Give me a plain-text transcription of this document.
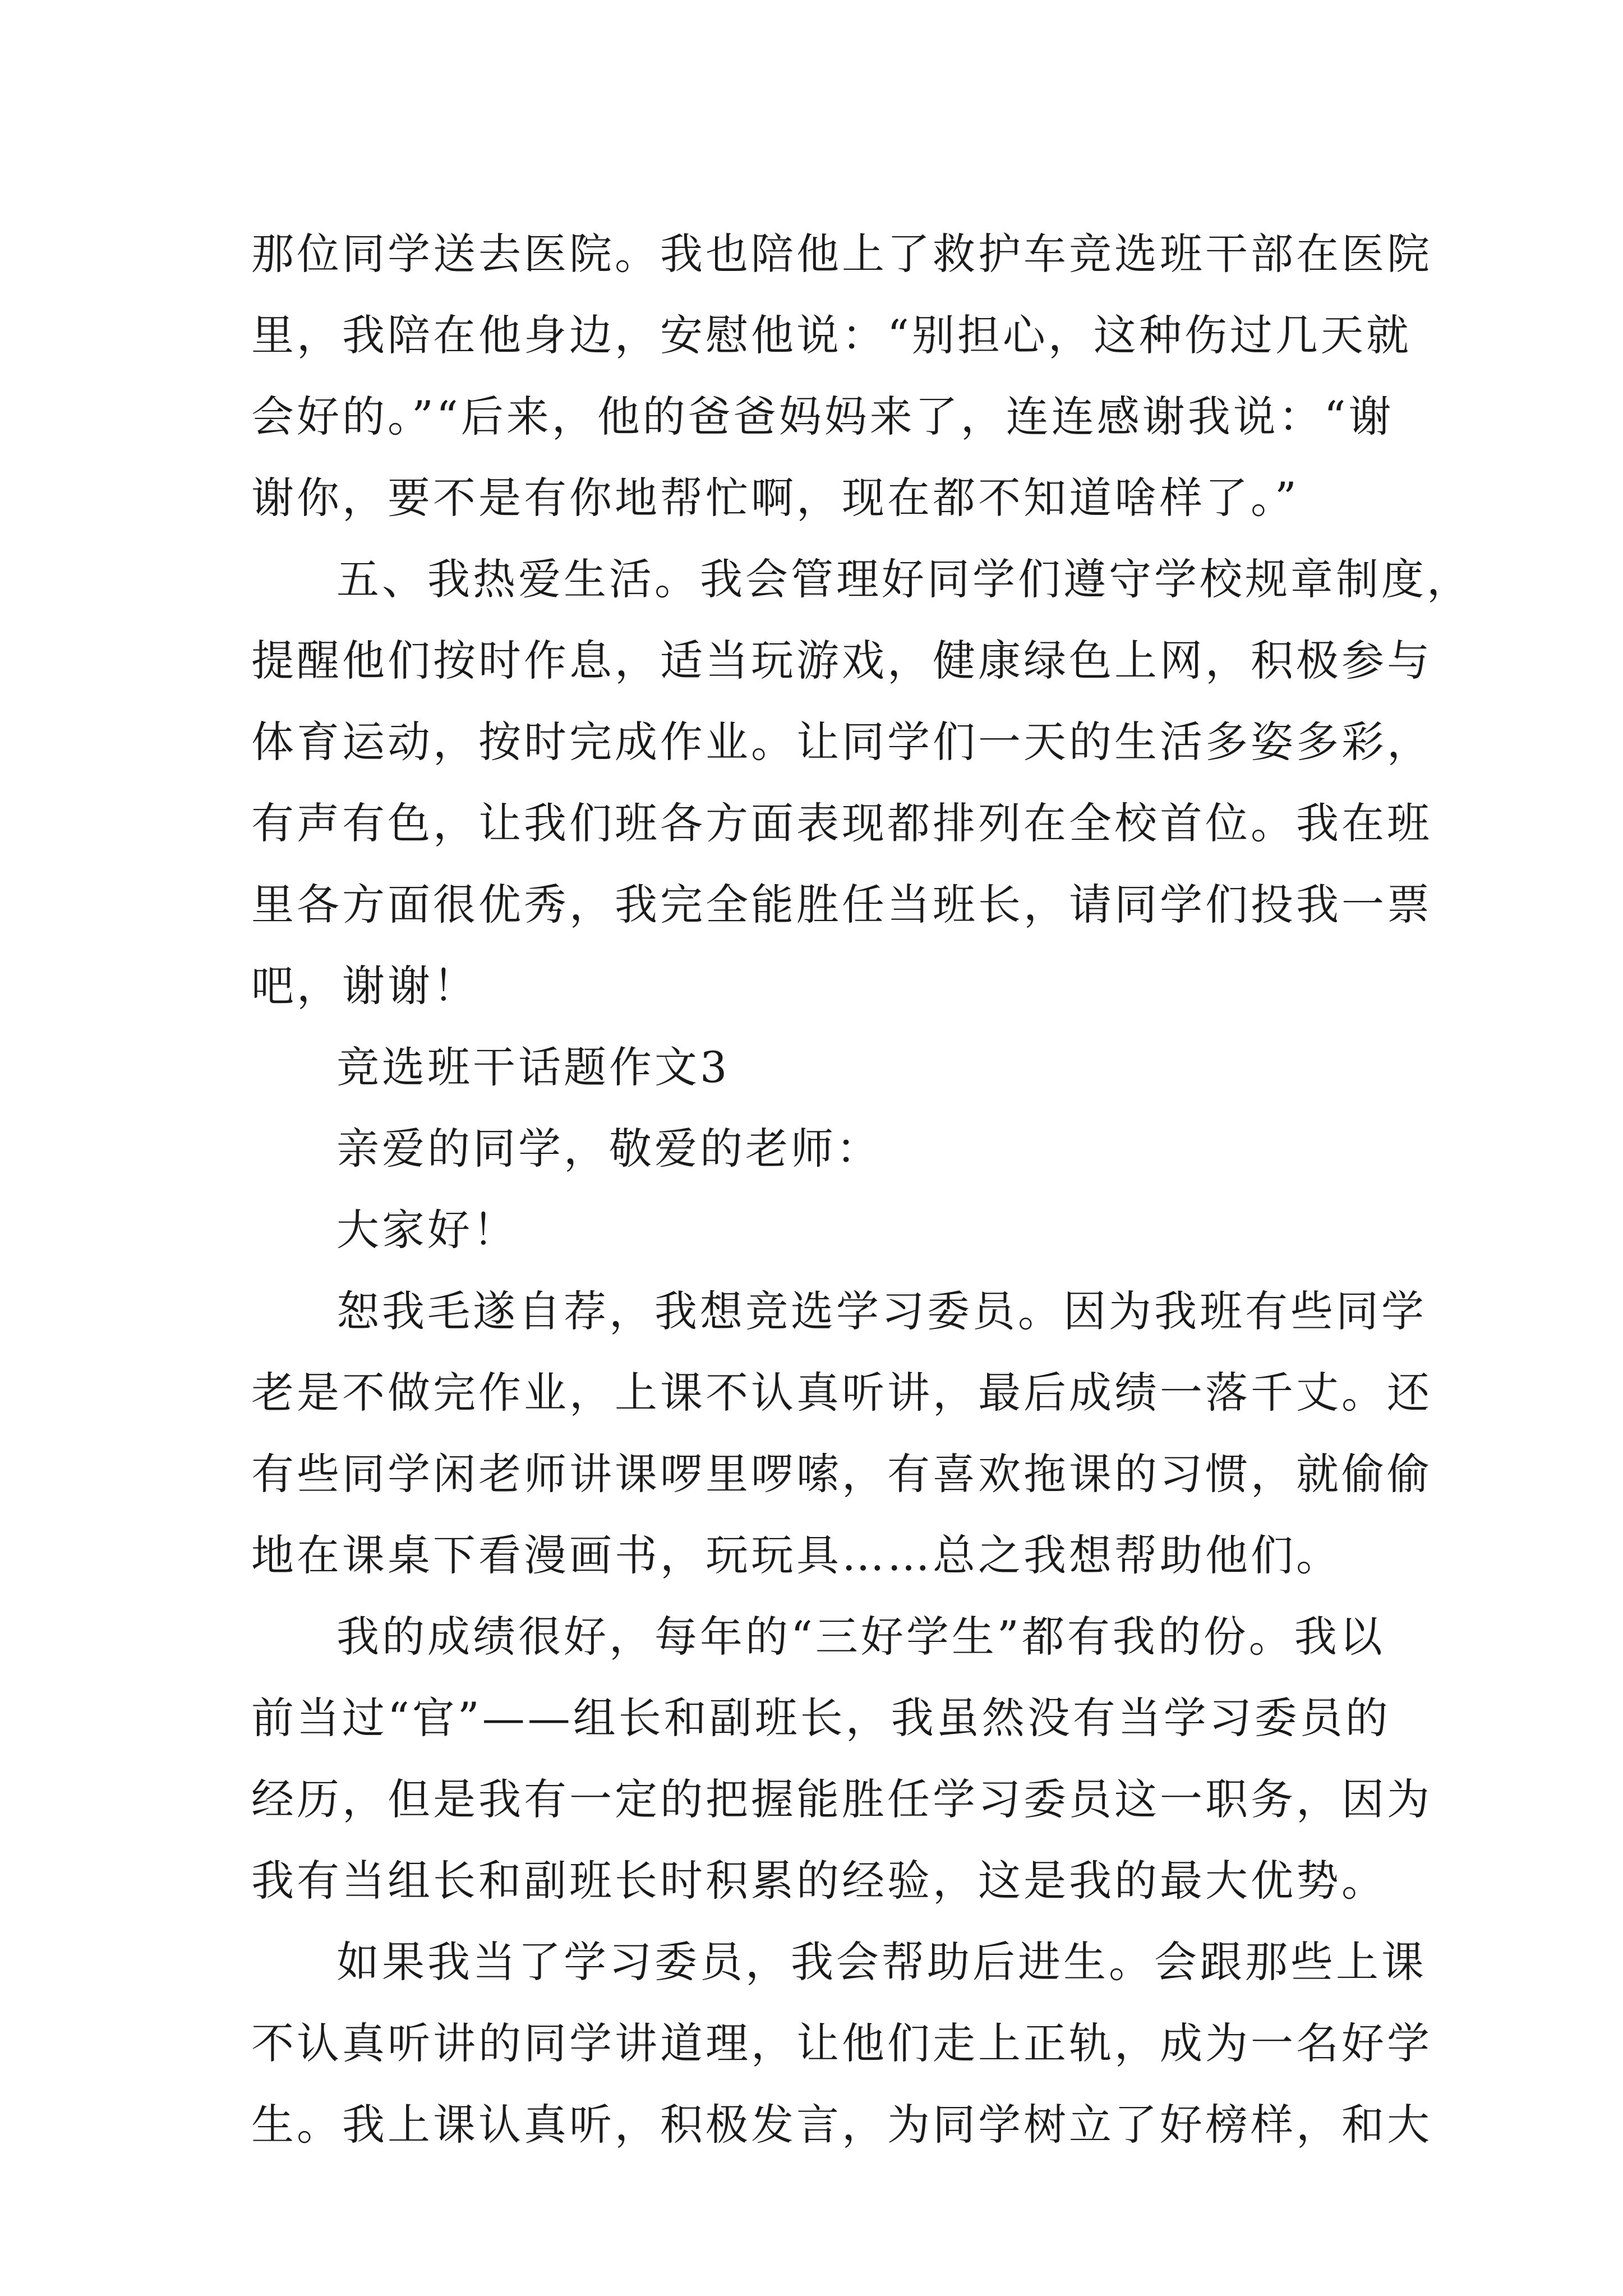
那位同学送去医院。我也陪他上了救护车竞选班干部在医院
里，我陪在他身边，安慰他说：“别担心，这种伤过几天就
会好的。”“后来，他的爸爸妈妈来了，连连感谢我说：“谢
谢你，要不是有你地帮忙啊，现在都不知道啥样了。”
五、我热爱生活。我会管理好同学们遵守学校规章制度，
提醒他们按时作息，适当玩游戏，健康绿色上网，积极参与
体育运动，按时完成作业。让同学们一天的生活多姿多彩，
有声有色，让我们班各方面表现都排列在全校首位。我在班
里各方面很优秀，我完全能胜任当班长，请同学们投我一票
吧，谢谢！
竞选班干话题作文3
亲爱的同学，敬爱的老师：
大家好！
恕我毛遂自荐，我想竞选学习委员。因为我班有些同学
老是不做完作业，上课不认真听讲，最后成绩一落千丈。还
有些同学闲老师讲课啰里啰嗦，有喜欢拖课的习惯，就偷偷
地在课桌下看漫画书，玩玩具……总之我想帮助他们。
我的成绩很好，每年的“三好学生”都有我的份。我以
前当过“官”——组长和副班长，我虽然没有当学习委员的
经历，但是我有一定的把握能胜任学习委员这一职务，因为
我有当组长和副班长时积累的经验，这是我的最大优势。
如果我当了学习委员，我会帮助后进生。会跟那些上课
不认真听讲的同学讲道理，让他们走上正轨，成为一名好学
生。我上课认真听，积极发言，为同学树立了好榜样，和大
